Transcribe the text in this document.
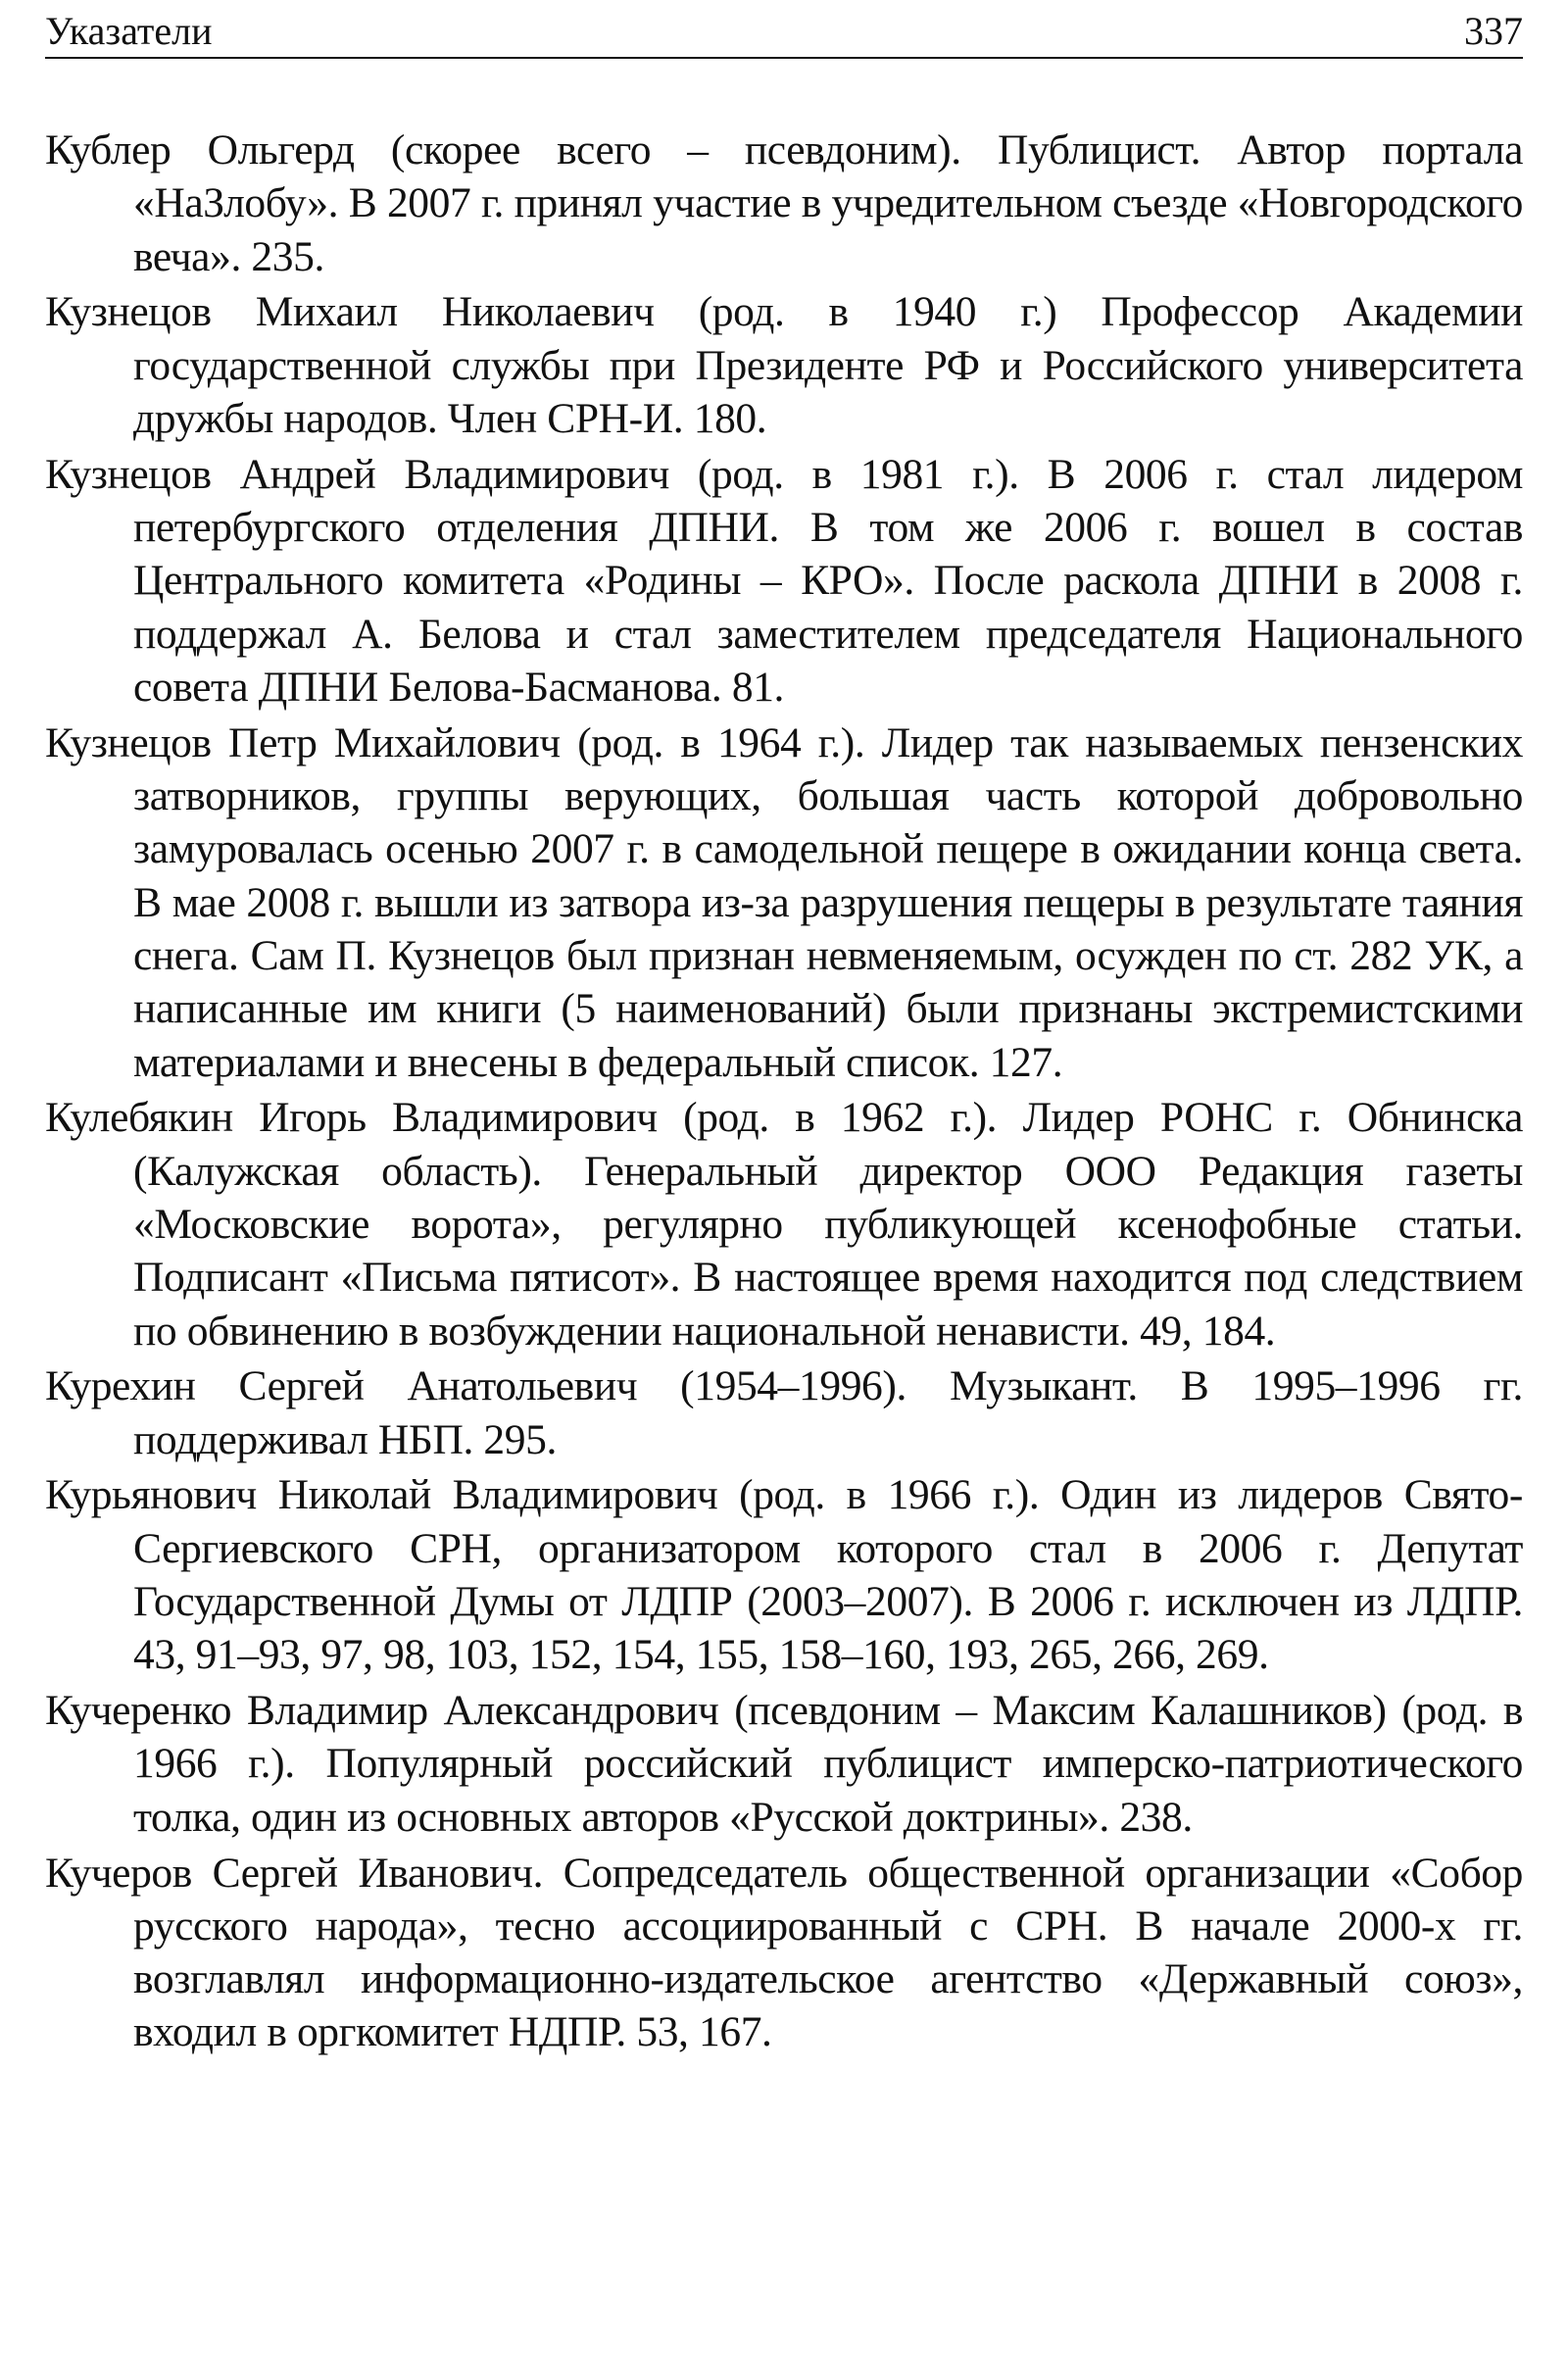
Указатели	337

Кублер Ольгерд (скорее всего – псевдоним). Публицист. Автор портала «НаЗлобу». В 2007 г. принял участие в учредительном съезде «Новгородского веча». 235.

Кузнецов Михаил Николаевич (род. в 1940 г.) Профессор Академии государственной службы при Президенте РФ и Российского университета дружбы народов. Член СРН-И. 180.

Кузнецов Андрей Владимирович (род. в 1981 г.). В 2006 г. стал лидером петербургского отделения ДПНИ. В том же 2006 г. вошел в состав Центрального комитета «Родины – КРО». После раскола ДПНИ в 2008 г. поддержал А. Белова и стал заместителем председателя Национального совета ДПНИ Белова-Басманова. 81.

Кузнецов Петр Михайлович (род. в 1964 г.). Лидер так называемых пензенских затворников, группы верующих, большая часть которой добровольно замуровалась осенью 2007 г. в самодельной пещере в ожидании конца света. В мае 2008 г. вышли из затвора из-за разрушения пещеры в результате таяния снега. Сам П. Кузнецов был признан невменяемым, осужден по ст. 282 УК, а написанные им книги (5 наименований) были признаны экстремистскими материалами и внесены в федеральный список. 127.

Кулебякин Игорь Владимирович (род. в 1962 г.). Лидер РОНС г. Обнинска (Калужская область). Генеральный директор ООО Редакция газеты «Московские ворота», регулярно публикующей ксенофобные статьи. Подписант «Письма пятисот». В настоящее время находится под следствием по обвинению в возбуждении национальной ненависти. 49, 184.

Курехин Сергей Анатольевич (1954–1996). Музыкант. В 1995–1996 гг. поддерживал НБП. 295.

Курьянович Николай Владимирович (род. в 1966 г.). Один из лидеров Свято-Сергиевского СРН, организатором которого стал в 2006 г. Депутат Государственной Думы от ЛДПР (2003–2007). В 2006 г. исключен из ЛДПР. 43, 91–93, 97, 98, 103, 152, 154, 155, 158–160, 193, 265, 266, 269.

Кучеренко Владимир Александрович (псевдоним – Максим Калашников) (род. в 1966 г.). Популярный российский публицист имперско-патриотического толка, один из основных авторов «Русской доктрины». 238.

Кучеров Сергей Иванович. Сопредседатель общественной организации «Собор русского народа», тесно ассоциированный с СРН. В начале 2000-х гг. возглавлял информационно-издательское агентство «Державный союз», входил в оргкомитет НДПР. 53, 167.
